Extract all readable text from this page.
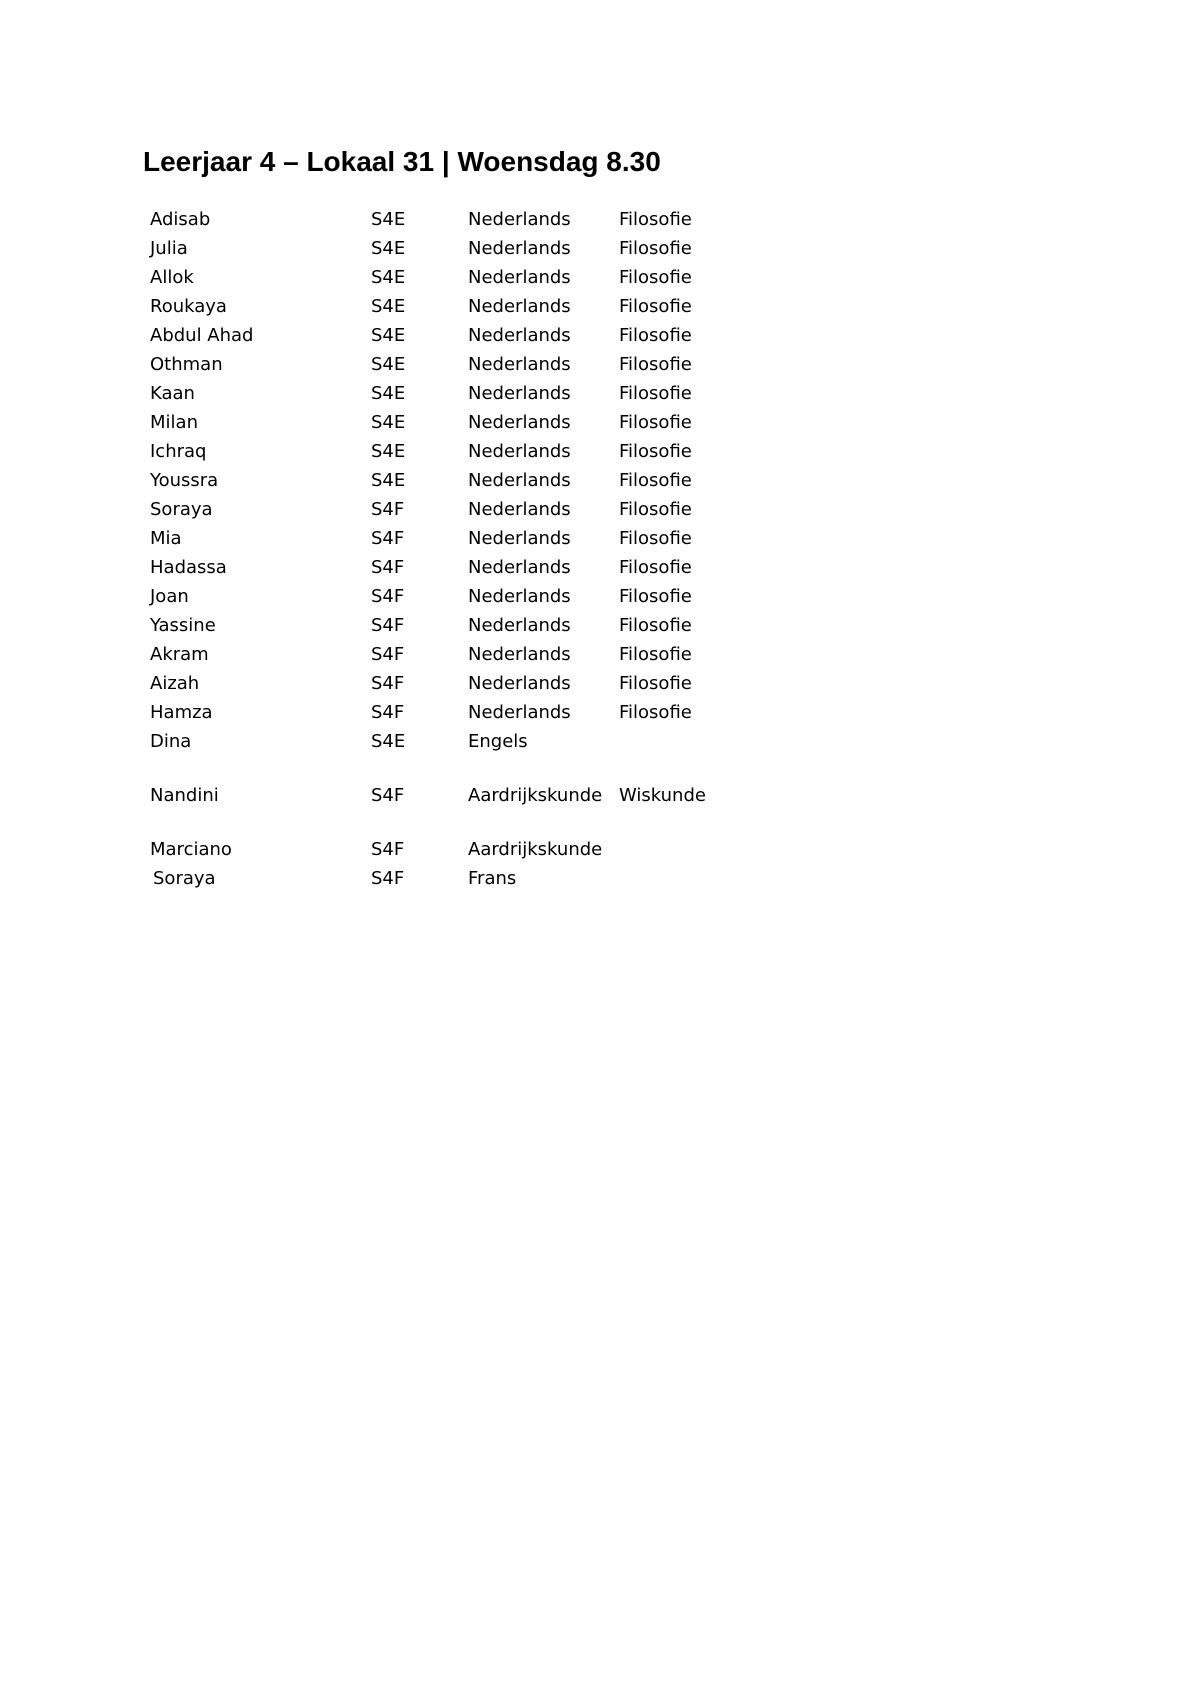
Leerjaar 4 – Lokaal 31 | Woensdag 8.30
Adisab	S4E	Nederlands	Filosofie
Julia	S4E	Nederlands	Filosofie
Allok	S4E	Nederlands	Filosofie
Roukaya	S4E	Nederlands	Filosofie
Abdul Ahad	S4E	Nederlands	Filosofie
Othman	S4E	Nederlands	Filosofie
Kaan	S4E	Nederlands	Filosofie
Milan	S4E	Nederlands	Filosofie
Ichraq	S4E	Nederlands	Filosofie
Youssra	S4E	Nederlands	Filosofie
Soraya	S4F	Nederlands	Filosofie
Mia	S4F	Nederlands	Filosofie
Hadassa	S4F	Nederlands	Filosofie
Joan	S4F	Nederlands	Filosofie
Yassine	S4F	Nederlands	Filosofie
Akram	S4F	Nederlands	Filosofie
Aizah	S4F	Nederlands	Filosofie
Hamza	S4F	Nederlands	Filosofie
Dina	S4E	Engels	
Nandini	S4F	Aardrijkskunde	Wiskunde
Marciano	S4F	Aardrijkskunde	
Soraya	S4F	Frans	
